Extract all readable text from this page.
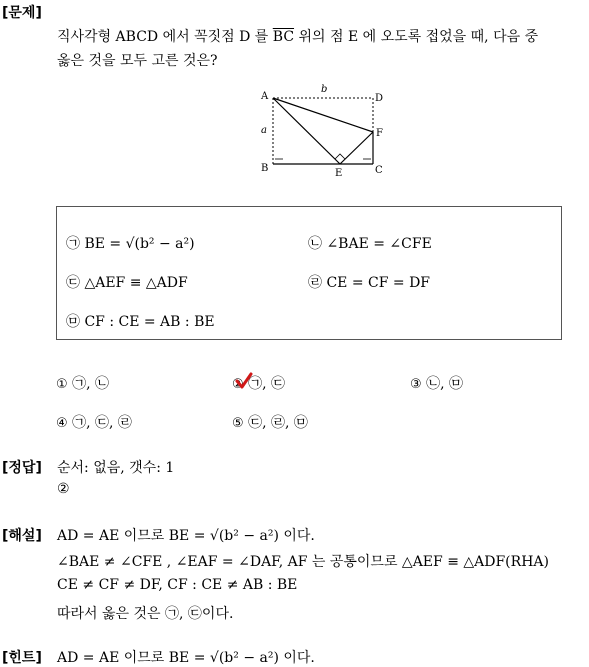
[문제]
직사각형 ABCD 에서 꼭짓점 D 를 $\overline{BC}$ 위의 점 E 에 오도록 접었을 때, 다음 중
옳은 것을 모두 고른 것은?
A	D
B	C
E
F
a
b
㉠ BE = √(b² − a²)	㉡ ∠BAE = ∠CFE
㉢ △AEF ≡ △ADF	㉣ CE = CF = DF
㉤ CF : CE = AB : BE
① ㉠, ㉡	② ㉠, ㉢	③ ㉡, ㉤
④ ㉠, ㉢, ㉣	⑤ ㉢, ㉣, ㉤
[정답] 순서: 없음, 갯수: 1
②
[해설] AD = AE 이므로 BE = √(b² − a²) 이다.
∠BAE ≠ ∠CFE , ∠EAF = ∠DAF, AF 는 공통이므로 △AEF ≡ △ADF(RHA)
CE ≠ CF ≠ DF, CF : CE ≠ AB : BE
따라서 옳은 것은 ㉠, ㉢이다.
[힌트] AD = AE 이므로 BE = √(b² − a²) 이다.
